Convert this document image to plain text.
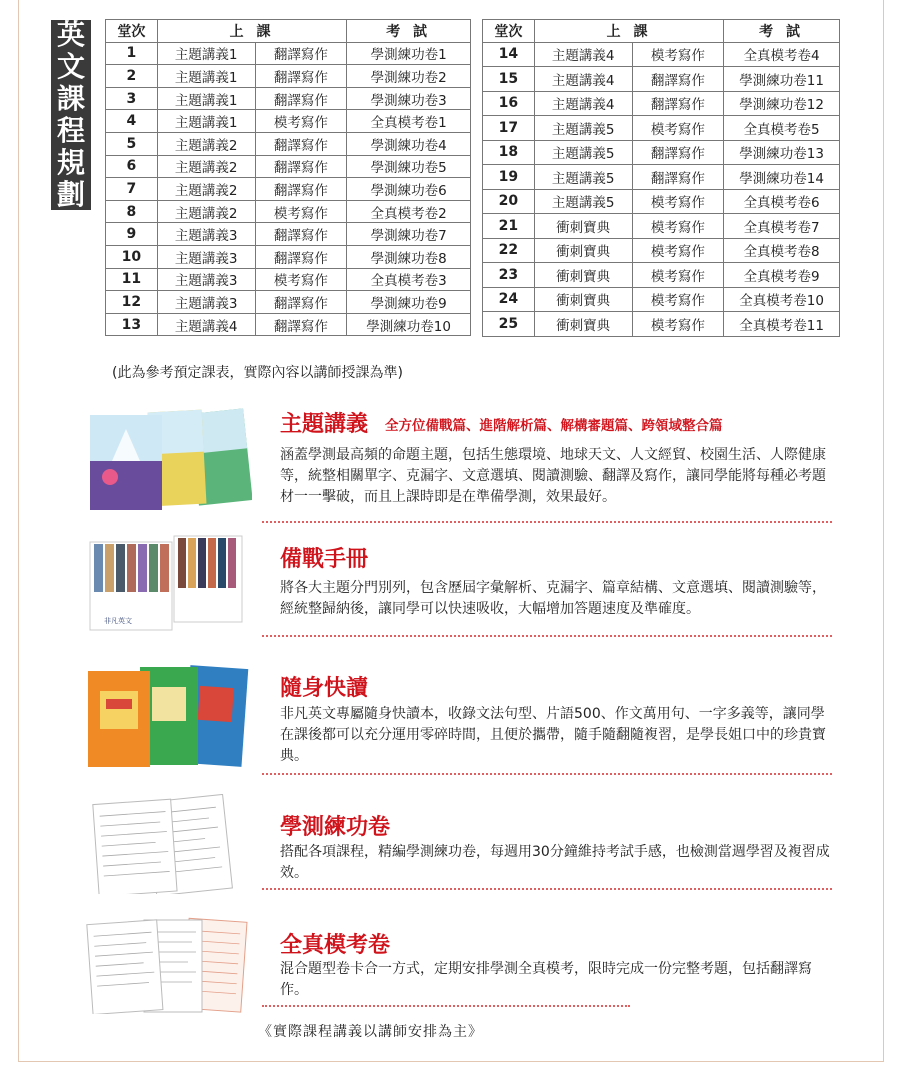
英
文
課
程
規
劃
堂次	上 課		考 試
1	主題講義1	翻譯寫作	學測練功卷1
2	主題講義1	翻譯寫作	學測練功卷2
3	主題講義1	翻譯寫作	學測練功卷3
4	主題講義1	模考寫作	全真模考卷1
5	主題講義2	翻譯寫作	學測練功卷4
6	主題講義2	翻譯寫作	學測練功卷5
7	主題講義2	翻譯寫作	學測練功卷6
8	主題講義2	模考寫作	全真模考卷2
9	主題講義3	翻譯寫作	學測練功卷7
10	主題講義3	翻譯寫作	學測練功卷8
11	主題講義3	模考寫作	全真模考卷3
12	主題講義3	翻譯寫作	學測練功卷9
13	主題講義4	翻譯寫作	學測練功卷10
堂次	上 課		考 試
14	主題講義4	模考寫作	全真模考卷4
15	主題講義4	翻譯寫作	學測練功卷11
16	主題講義4	翻譯寫作	學測練功卷12
17	主題講義5	模考寫作	全真模考卷5
18	主題講義5	翻譯寫作	學測練功卷13
19	主題講義5	翻譯寫作	學測練功卷14
20	主題講義5	模考寫作	全真模考卷6
21	衝刺寶典	模考寫作	全真模考卷7
22	衝刺寶典	模考寫作	全真模考卷8
23	衝刺寶典	模考寫作	全真模考卷9
24	衝刺寶典	模考寫作	全真模考卷10
25	衝刺寶典	模考寫作	全真模考卷11
(此為參考預定課表，實際內容以講師授課為準)
主題講義 全方位備戰篇、進階解析篇、解構審題篇、跨領域整合篇
涵蓋學測最高頻的命題主題，包括生態環境、地球天文、人文經貿、校園生活、人際健康等，統整相關單字、克漏字、文意選填、閱讀測驗、翻譯及寫作，讓同學能將每種必考題材一一擊破，而且上課時即是在準備學測，效果最好。
非凡英文
備戰手冊
將各大主題分門別列，包含歷屆字彙解析、克漏字、篇章結構、文意選填、閱讀測驗等，經統整歸納後，讓同學可以快速吸收，大幅增加答題速度及準確度。
隨身快讀
非凡英文專屬隨身快讀本，收錄文法句型、片語500、作文萬用句、一字多義等，讓同學在課後都可以充分運用零碎時間，且便於攜帶，隨手隨翻隨複習，是學長姐口中的珍貴寶典。
學測練功卷
搭配各項課程，精編學測練功卷，每週用30分鐘維持考試手感，也檢測當週學習及複習成效。
全真模考卷
混合題型卷卡合一方式，定期安排學測全真模考，限時完成一份完整考題，包括翻譯寫作。
《實際課程講義以講師安排為主》
